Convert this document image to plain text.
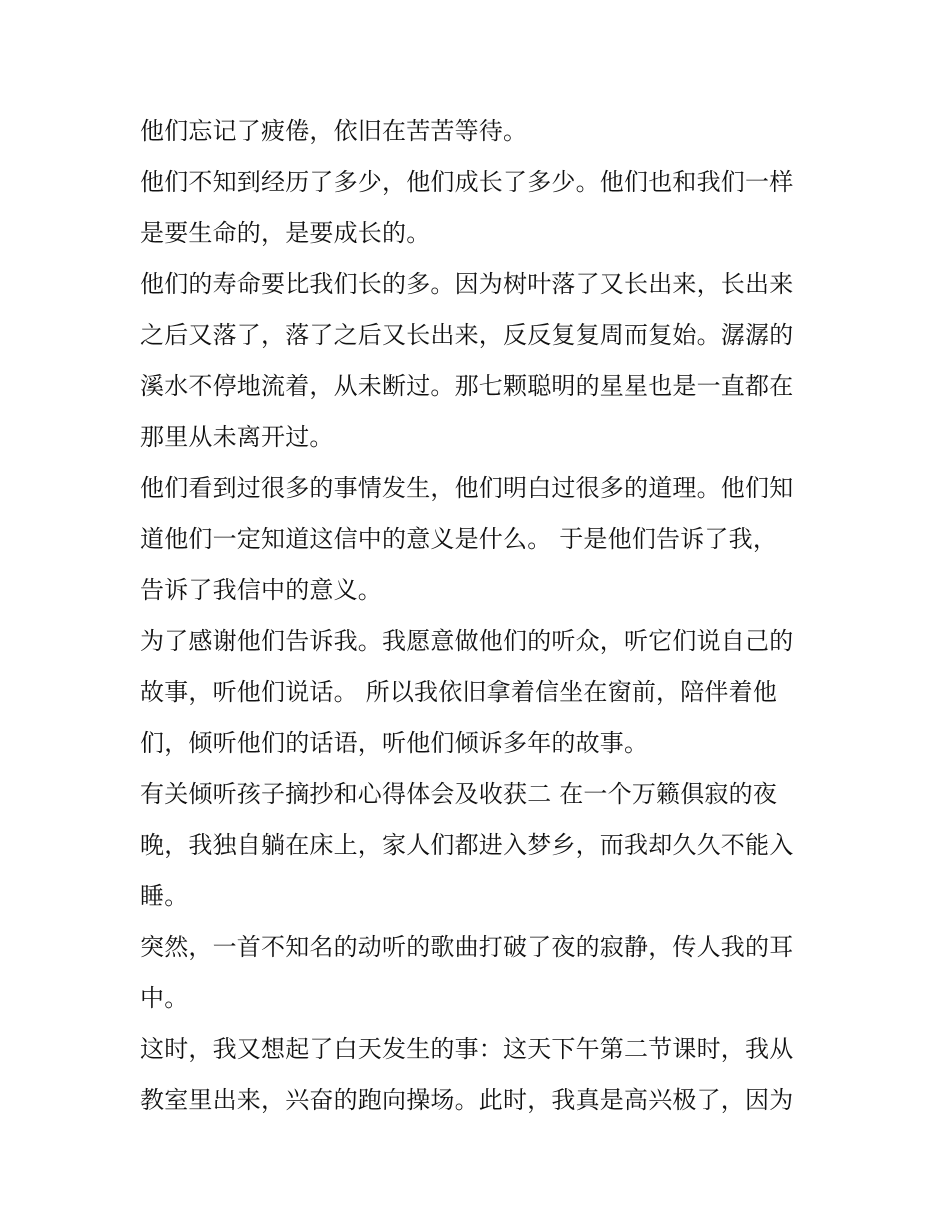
他们忘记了疲倦，依旧在苦苦等待。
他们不知到经历了多少，他们成长了多少。他们也和我们一样
是要生命的，是要成长的。
他们的寿命要比我们长的多。因为树叶落了又长出来，长出来
之后又落了，落了之后又长出来，反反复复周而复始。潺潺的
溪水不停地流着，从未断过。那七颗聪明的星星也是一直都在
那里从未离开过。
他们看到过很多的事情发生，他们明白过很多的道理。他们知
道他们一定知道这信中的意义是什么。 于是他们告诉了我，
告诉了我信中的意义。
为了感谢他们告诉我。我愿意做他们的听众，听它们说自己的
故事，听他们说话。 所以我依旧拿着信坐在窗前，陪伴着他
们，倾听他们的话语，听他们倾诉多年的故事。
有关倾听孩子摘抄和心得体会及收获二 在一个万籁俱寂的夜
晚，我独自躺在床上，家人们都进入梦乡，而我却久久不能入
睡。
突然，一首不知名的动听的歌曲打破了夜的寂静，传人我的耳
中。
这时，我又想起了白天发生的事：这天下午第二节课时，我从
教室里出来，兴奋的跑向操场。此时，我真是高兴极了，因为
